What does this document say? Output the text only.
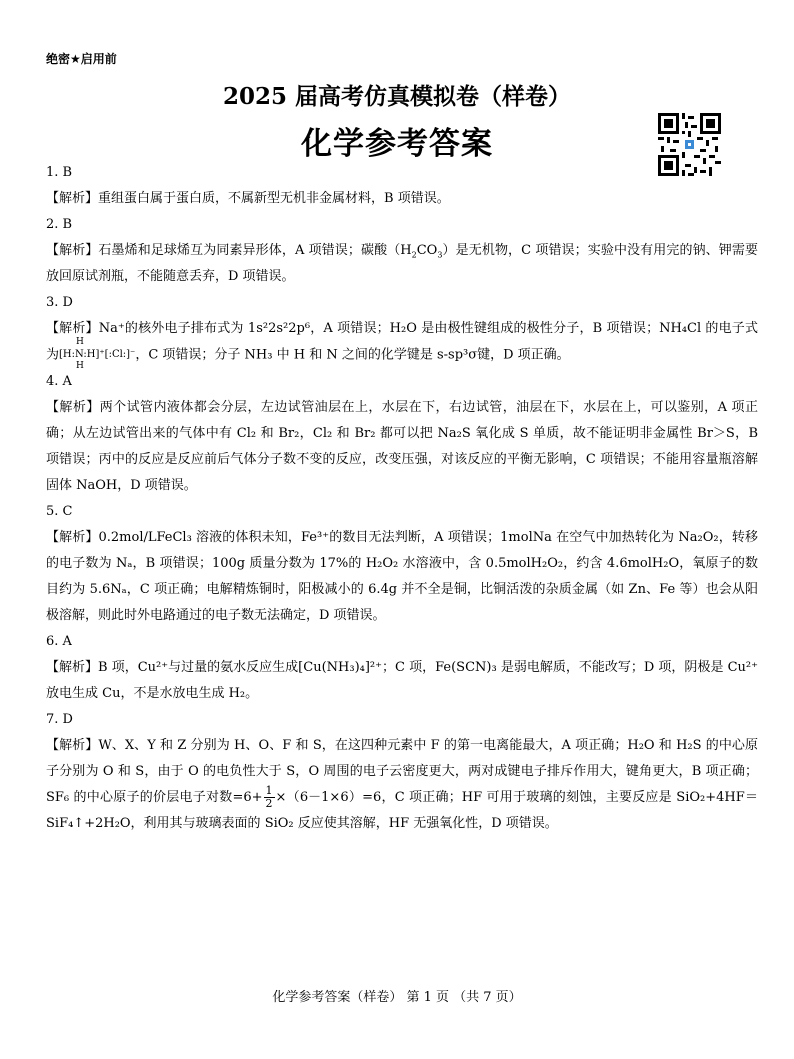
绝密★启用前
2025 届高考仿真模拟卷（样卷）
化学参考答案

1. B

【解析】重组蛋白属于蛋白质，不属新型无机非金属材料，B 项错误。

2. B

【解析】石墨烯和足球烯互为同素异形体，A 项错误；碳酸$(H_2CO_3)$是无机物，C 项错误；实验中没有用完的钠、钾需要放回原试剂瓶，不能随意丢弃，D 项错误。

3. D

【解析】Na⁺的核外电子排布式为 1s²2s²2p⁶，A 项错误；H₂O 是由极性键组成的极性分子，B 项错误；NH₄Cl 的电子式为
H
[H:N:H]⁺[:Cl:]⁻
H
，C 项错误；分子 NH₃ 中 H 和 N 之间的化学键是 s-sp³σ键，D 项正确。

4. A

【解析】两个试管内液体都会分层，左边试管油层在上，水层在下，右边试管，油层在下，水层在上，可以鉴别，A 项正确；从左边试管出来的气体中有 Cl₂ 和 Br₂，Cl₂ 和 Br₂ 都可以把 Na₂S 氧化成 S 单质，故不能证明非金属性 Br＞S，B 项错误；丙中的反应是反应前后气体分子数不变的反应，改变压强，对该反应的平衡无影响，C 项错误；不能用容量瓶溶解固体 NaOH，D 项错误。

5. C

【解析】0.2mol/LFeCl₃ 溶液的体积未知，Fe³⁺的数目无法判断，A 项错误；1molNa 在空气中加热转化为 Na₂O₂，转移的电子数为 Nₐ，B 项错误；100g 质量分数为 17%的 H₂O₂ 水溶液中，含 0.5molH₂O₂，约含 4.6molH₂O，氧原子的数目约为 5.6Nₐ，C 项正确；电解精炼铜时，阳极减小的 6.4g 并不全是铜，比铜活泼的杂质金属（如 Zn、Fe 等）也会从阳极溶解，则此时外电路通过的电子数无法确定，D 项错误。

6. A

【解析】B 项，Cu²⁺与过量的氨水反应生成[Cu(NH₃)₄]²⁺；C 项，Fe(SCN)₃ 是弱电解质，不能改写；D 项，阴极是 Cu²⁺放电生成 Cu，不是水放电生成 H₂。

7. D

【解析】W、X、Y 和 Z 分别为 H、O、F 和 S，在这四种元素中 F 的第一电离能最大，A 项正确；H₂O 和 H₂S 的中心原子分别为 O 和 S，由于 O 的电负性大于 S，O 周围的电子云密度更大，两对成键电子排斥作用大，键角更大，B 项正确；SF₆ 的中心原子的价层电子对数$=6+ \frac{1}{2} \times(6-1\times 6)=6$，C 项正确；HF 可用于玻璃的刻蚀，主要反应是 SiO₂+4HF＝SiF₄↑+2H₂O，利用其与玻璃表面的 SiO₂ 反应使其溶解，HF 无强氧化性，D 项错误。

化学参考答案（样卷） 第 1 页 （共 7 页）
